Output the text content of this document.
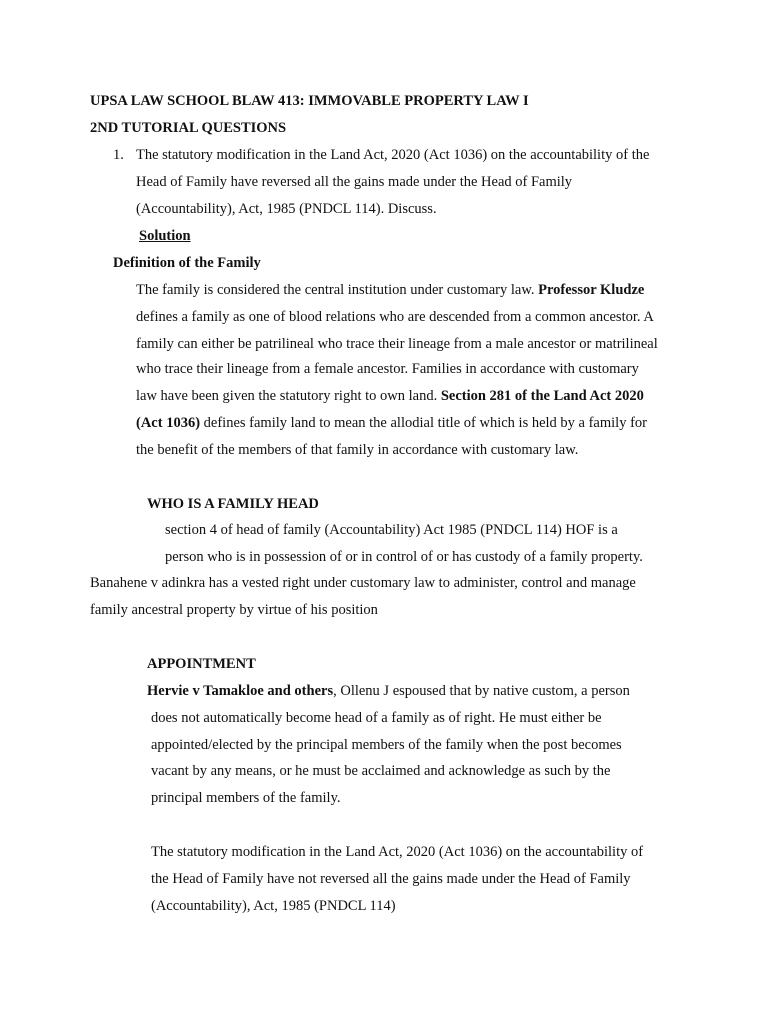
UPSA LAW SCHOOL BLAW 413: IMMOVABLE PROPERTY LAW I
2ND TUTORIAL QUESTIONS
1. The statutory modification in the Land Act, 2020 (Act 1036) on the accountability of the
Head of Family have reversed all the gains made under the Head of Family
(Accountability), Act, 1985 (PNDCL 114). Discuss.
Solution
Definition of the Family
The family is considered the central institution under customary law. Professor Kludze
defines a family as one of blood relations who are descended from a common ancestor. A
family can either be patrilineal who trace their lineage from a male ancestor or matrilineal
who trace their lineage from a female ancestor. Families in accordance with customary
law have been given the statutory right to own land. Section 281 of the Land Act 2020
(Act 1036) defines family land to mean the allodial title of which is held by a family for
the benefit of the members of that family in accordance with customary law.
WHO IS A FAMILY HEAD
section 4 of head of family (Accountability) Act 1985 (PNDCL 114) HOF is a
person who is in possession of or in control of or has custody of a family property.
Banahene v adinkra has a vested right under customary law to administer, control and manage
family ancestral property by virtue of his position
APPOINTMENT
Hervie v Tamakloe and others, Ollenu J espoused that by native custom, a person
does not automatically become head of a family as of right. He must either be
appointed/elected by the principal members of the family when the post becomes
vacant by any means, or he must be acclaimed and acknowledge as such by the
principal members of the family.
The statutory modification in the Land Act, 2020 (Act 1036) on the accountability of
the Head of Family have not reversed all the gains made under the Head of Family
(Accountability), Act, 1985 (PNDCL 114)
